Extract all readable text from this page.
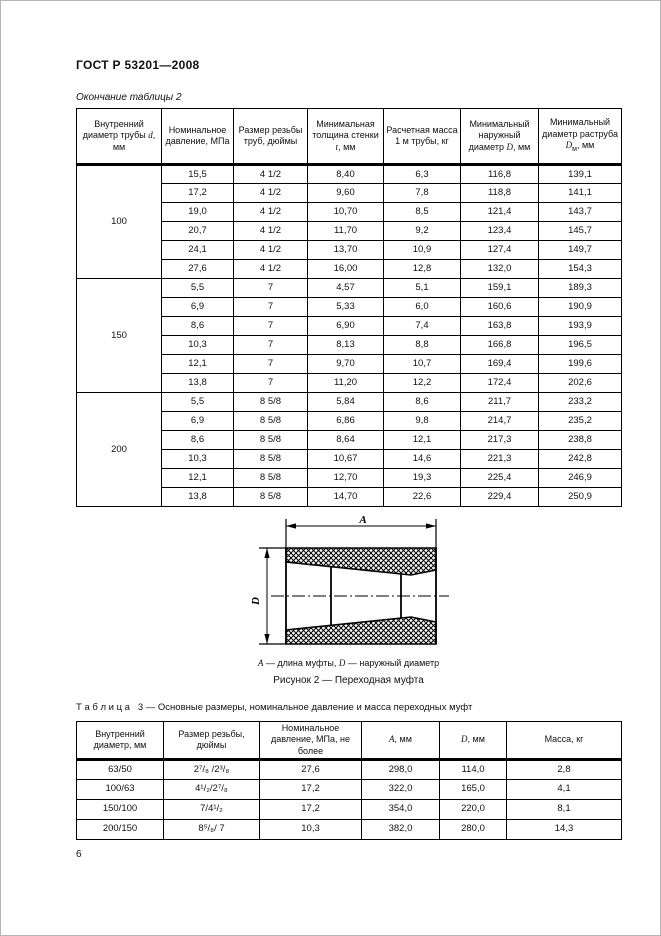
ГОСТ Р 53201—2008
Окончание таблицы 2
Внутренний диаметр трубы d, мм	Номинальное давление, МПа	Размер резьбы труб, дюймы	Минимальная толщина стенки t, мм	Расчетная масса 1 м трубы, кг	Минимальный наружный диаметр D, мм	Минимальный диаметр раструба $D_м$, мм
100	15,5	4 1/2	8,40	6,3	116,8	139,1
	17,2	4 1/2	9,60	7,8	118,8	141,1
	19,0	4 1/2	10,70	8,5	121,4	143,7
	20,7	4 1/2	11,70	9,2	123,4	145,7
	24,1	4 1/2	13,70	10,9	127,4	149,7
	27,6	4 1/2	16,00	12,8	132,0	154,3
150	5,5	7	4,57	5,1	159,1	189,3
	6,9	7	5,33	6,0	160,6	190,9
	8,6	7	6,90	7,4	163,8	193,9
	10,3	7	8,13	8,8	166,8	196,5
	12,1	7	9,70	10,7	169,4	199,6
	13,8	7	11,20	12,2	172,4	202,6
200	5,5	8 5/8	5,84	8,6	211,7	233,2
	6,9	8 5/8	6,86	9,8	214,7	235,2
	8,6	8 5/8	8,64	12,1	217,3	238,8
	10,3	8 5/8	10,67	14,6	221,3	242,8
	12,1	8 5/8	12,70	19,3	225,4	246,9
	13,8	8 5/8	14,70	22,6	229,4	250,9
А
D
А — длина муфты, D — наружный диаметр
Рисунок 2 — Переходная муфта
Т а б л и ц а   3 — Основные размеры, номинальное давление и масса переходных муфт
Внутренний диаметр, мм	Размер резьбы, дюймы	Номинальное давление, МПа, не более	А, мм	D, мм	Масса, кг
63/50	2⁷/₈ /2³/₈	27,6	298,0	114,0	2,8
100/63	4¹/₂/2⁷/₈	17,2	322,0	165,0	4,1
150/100	7/4¹/₂	17,2	354,0	220,0	8,1
200/150	8⁵/₈/ 7	10,3	382,0	280,0	14,3
6
